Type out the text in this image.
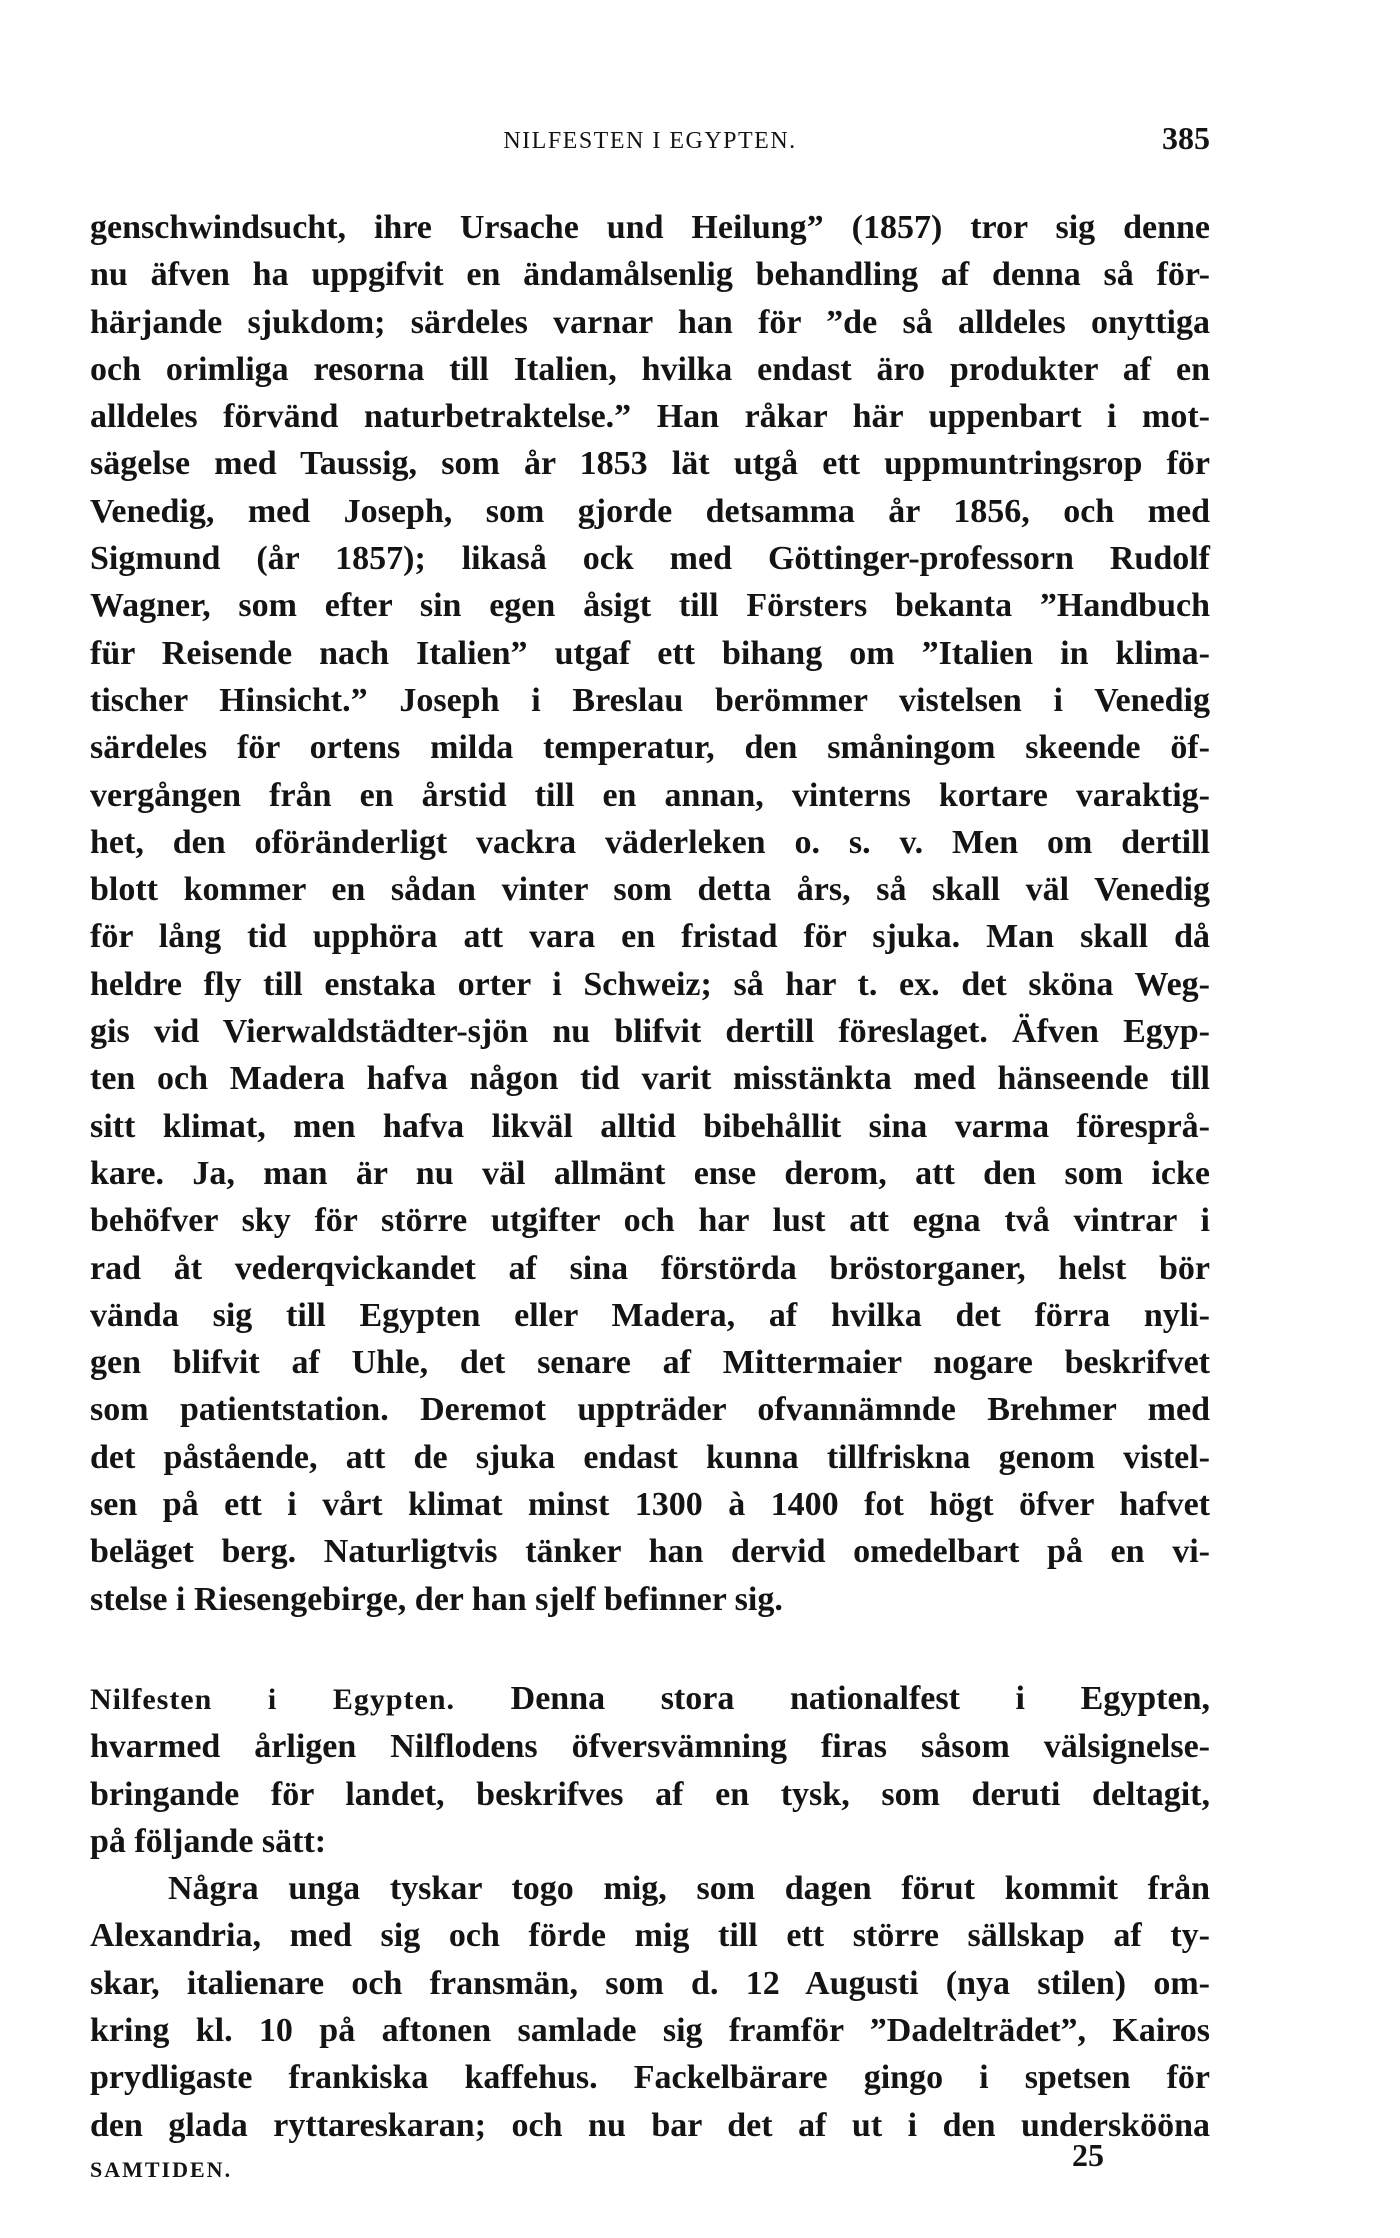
NILFESTEN I EGYPTEN.	385
genschwindsucht, ihre Ursache und Heilung” (1857) tror sig denne
nu äfven ha uppgifvit en ändamålsenlig behandling af denna så för-
härjande sjukdom; särdeles varnar han för ”de så alldeles onyttiga
och orimliga resorna till Italien, hvilka endast äro produkter af en
alldeles förvänd naturbetraktelse.” Han råkar här uppenbart i mot-
sägelse med Taussig, som år 1853 lät utgå ett uppmuntringsrop för
Venedig, med Joseph, som gjorde detsamma år 1856, och med
Sigmund (år 1857); likaså ock med Göttinger-professorn Rudolf
Wagner, som efter sin egen åsigt till Försters bekanta ”Handbuch
für Reisende nach Italien” utgaf ett bihang om ”Italien in klima-
tischer Hinsicht.” Joseph i Breslau berömmer vistelsen i Venedig
särdeles för ortens milda temperatur, den småningom skeende öf-
vergången från en årstid till en annan, vinterns kortare varaktig-
het, den oföränderligt vackra väderleken o. s. v. Men om dertill
blott kommer en sådan vinter som detta års, så skall väl Venedig
för lång tid upphöra att vara en fristad för sjuka. Man skall då
heldre fly till enstaka orter i Schweiz; så har t. ex. det sköna Weg-
gis vid Vierwaldstädter-sjön nu blifvit dertill föreslaget. Äfven Egyp-
ten och Madera hafva någon tid varit misstänkta med hänseende till
sitt klimat, men hafva likväl alltid bibehållit sina varma föresprå-
kare. Ja, man är nu väl allmänt ense derom, att den som icke
behöfver sky för större utgifter och har lust att egna två vintrar i
rad åt vederqvickandet af sina förstörda bröstorganer, helst bör
vända sig till Egypten eller Madera, af hvilka det förra nyli-
gen blifvit af Uhle, det senare af Mittermaier nogare beskrifvet
som patientstation. Deremot uppträder ofvannämnde Brehmer med
det påstående, att de sjuka endast kunna tillfriskna genom vistel-
sen på ett i vårt klimat minst 1300 à 1400 fot högt öfver hafvet
beläget berg. Naturligtvis tänker han dervid omedelbart på en vi-
stelse i Riesengebirge, der han sjelf befinner sig.
Nilfesten i Egypten. Denna stora nationalfest i Egypten,
hvarmed årligen Nilflodens öfversvämning firas såsom välsignelse-
bringande för landet, beskrifves af en tysk, som deruti deltagit,
på följande sätt:
Några unga tyskar togo mig, som dagen förut kommit från
Alexandria, med sig och förde mig till ett större sällskap af ty-
skar, italienare och fransmän, som d. 12 Augusti (nya stilen) om-
kring kl. 10 på aftonen samlade sig framför ”Dadelträdet”, Kairos
prydligaste frankiska kaffehus. Fackelbärare gingo i spetsen för
den glada ryttareskaran; och nu bar det af ut i den underskööna
SAMTIDEN.	25
